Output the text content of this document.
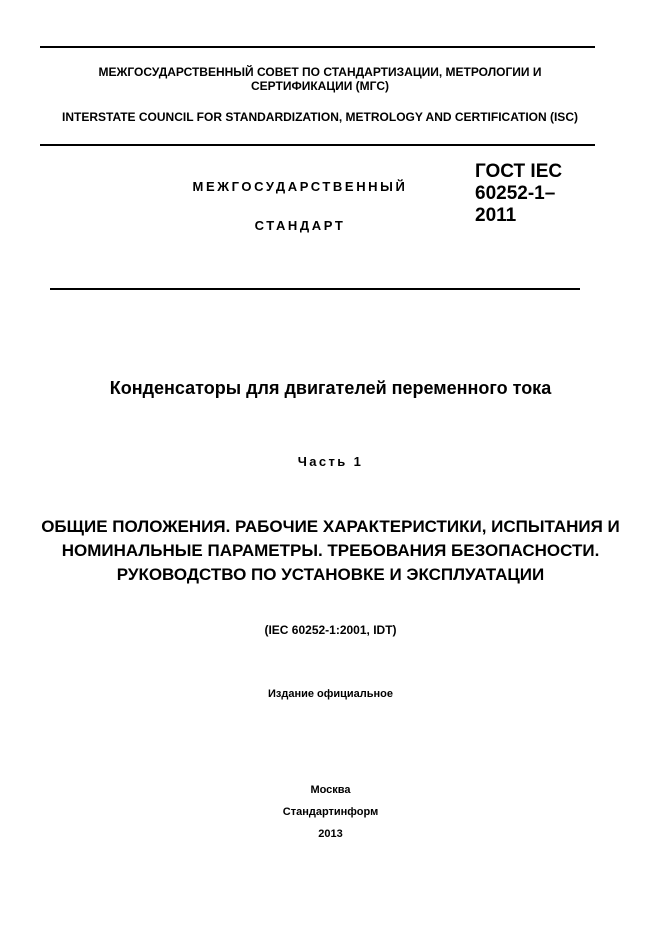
МЕЖГОСУДАРСТВЕННЫЙ СОВЕТ ПО СТАНДАРТИЗАЦИИ, МЕТРОЛОГИИ И СЕРТИФИКАЦИИ (МГС)
INTERSTATE COUNCIL FOR STANDARDIZATION, METROLOGY AND CERTIFICATION (ISC)
МЕЖГОСУДАРСТВЕННЫЙ
СТАНДАРТ
ГОСТ IEC
60252-1–
2011
Конденсаторы для двигателей переменного тока
Часть 1
ОБЩИЕ ПОЛОЖЕНИЯ. РАБОЧИЕ ХАРАКТЕРИСТИКИ, ИСПЫТАНИЯ И НОМИНАЛЬНЫЕ ПАРАМЕТРЫ. ТРЕБОВАНИЯ БЕЗОПАСНОСТИ. РУКОВОДСТВО ПО УСТАНОВКЕ И ЭКСПЛУАТАЦИИ
(IEC 60252-1:2001, IDT)
Издание официальное
Москва
Стандартинформ
2013
